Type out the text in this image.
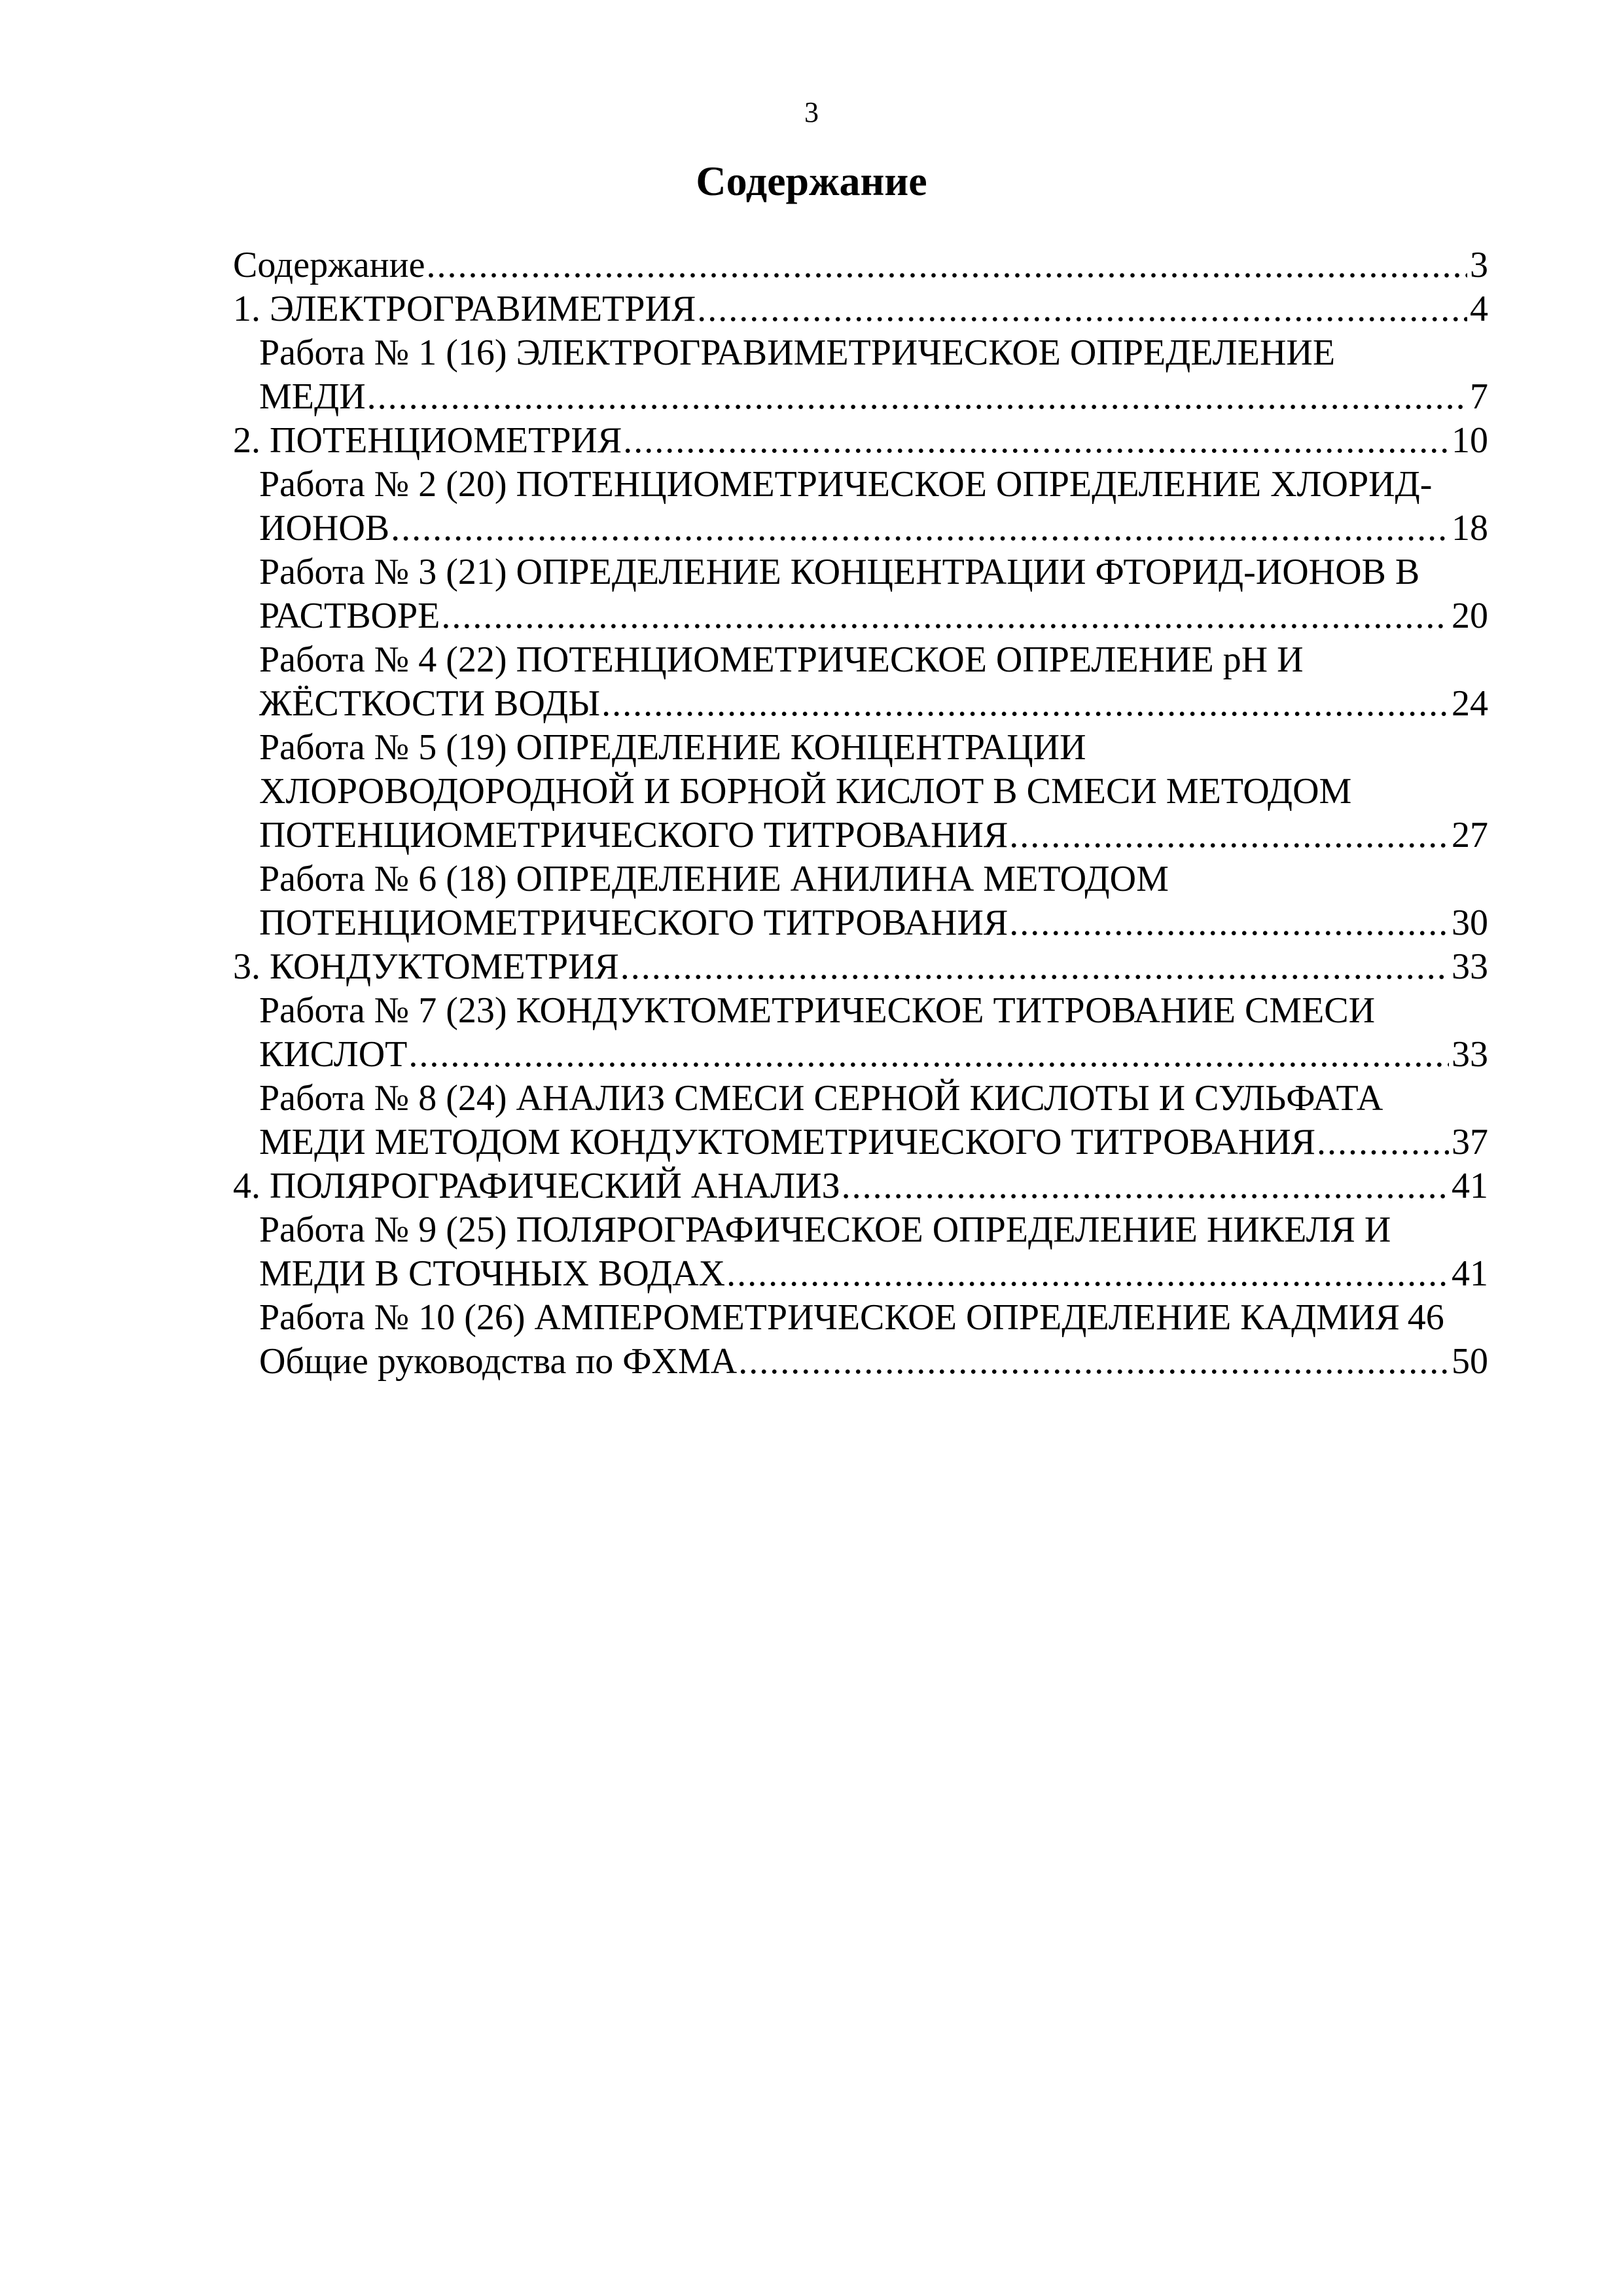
3
Содержание
Содержание .....	3
1. ЭЛЕКТРОГРАВИМЕТРИЯ .....	4
Работа № 1 (16) ЭЛЕКТРОГРАВИМЕТРИЧЕСКОЕ ОПРЕДЕЛЕНИЕ
МЕДИ .....	7
2. ПОТЕНЦИОМЕТРИЯ .....	10
Работа № 2 (20) ПОТЕНЦИОМЕТРИЧЕСКОЕ ОПРЕДЕЛЕНИЕ ХЛОРИД-
ИОНОВ .....	18
Работа № 3 (21) ОПРЕДЕЛЕНИЕ КОНЦЕНТРАЦИИ ФТОРИД-ИОНОВ В
РАСТВОРЕ .....	20
Работа № 4 (22) ПОТЕНЦИОМЕТРИЧЕСКОЕ ОПРЕЛЕНИЕ pH И
ЖЁСТКОСТИ ВОДЫ .....	24
Работа № 5 (19) ОПРЕДЕЛЕНИЕ КОНЦЕНТРАЦИИ
ХЛОРОВОДОРОДНОЙ И БОРНОЙ КИСЛОТ В СМЕСИ МЕТОДОМ
ПОТЕНЦИОМЕТРИЧЕСКОГО ТИТРОВАНИЯ .....	27
Работа № 6 (18) ОПРЕДЕЛЕНИЕ АНИЛИНА МЕТОДОМ
ПОТЕНЦИОМЕТРИЧЕСКОГО ТИТРОВАНИЯ .....	30
3. КОНДУКТОМЕТРИЯ .....	33
Работа № 7 (23) КОНДУКТОМЕТРИЧЕСКОЕ ТИТРОВАНИЕ СМЕСИ
КИСЛОТ .....	33
Работа № 8 (24) АНАЛИЗ СМЕСИ СЕРНОЙ КИСЛОТЫ И СУЛЬФАТА
МЕДИ МЕТОДОМ КОНДУКТОМЕТРИЧЕСКОГО ТИТРОВАНИЯ .....	37
4. ПОЛЯРОГРАФИЧЕСКИЙ АНАЛИЗ .....	41
Работа № 9 (25) ПОЛЯРОГРАФИЧЕСКОЕ ОПРЕДЕЛЕНИЕ НИКЕЛЯ И
МЕДИ В СТОЧНЫХ ВОДАХ .....	41
Работа № 10 (26) АМПЕРОМЕТРИЧЕСКОЕ ОПРЕДЕЛЕНИЕ КАДМИЯ 46
Общие руководства по ФХМА .....	50
